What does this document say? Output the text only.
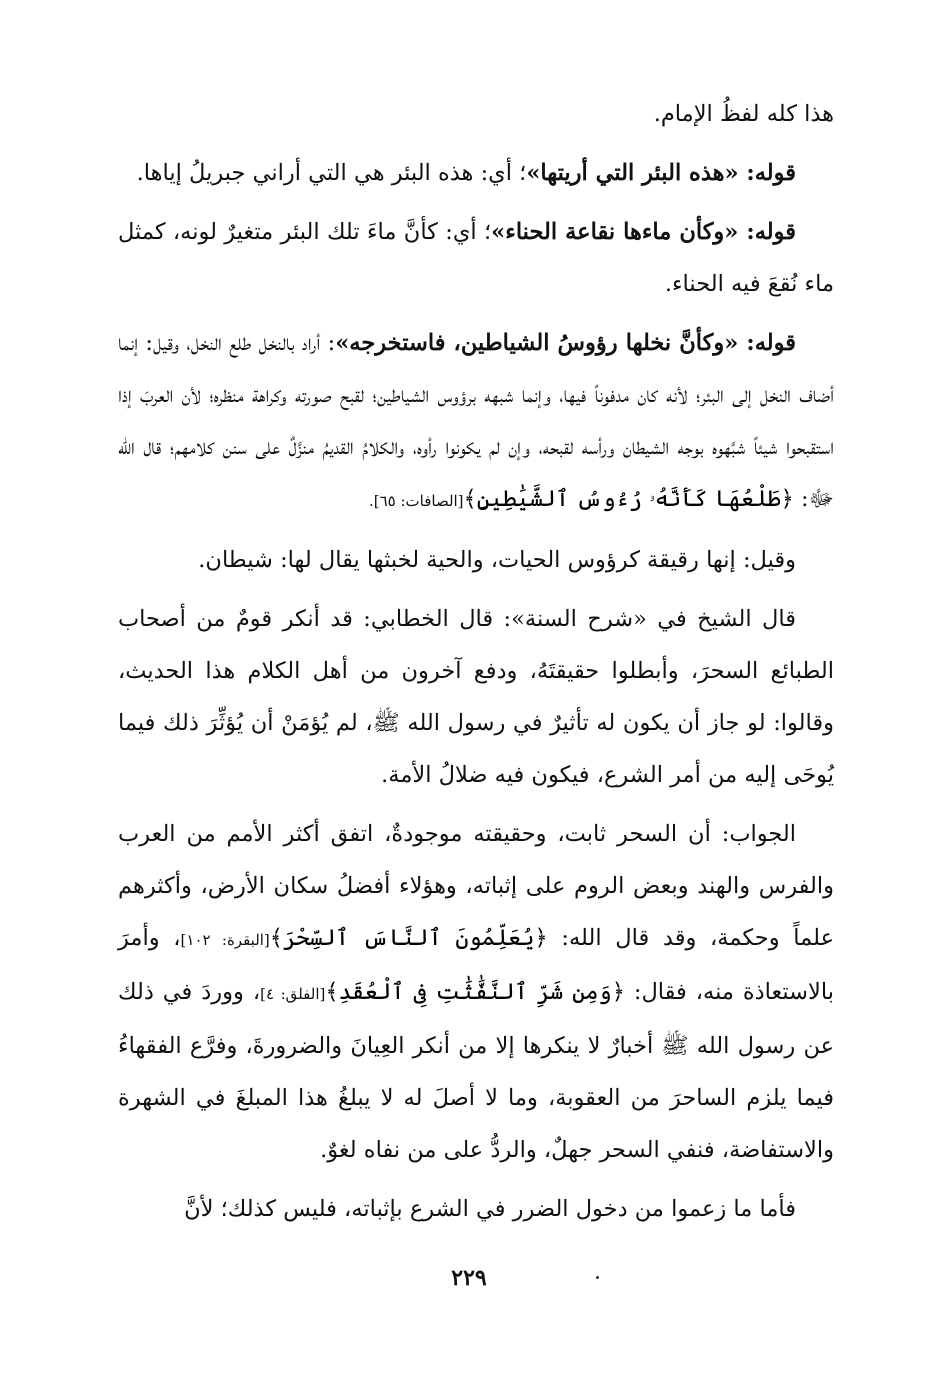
هذا كله لفظُ الإمام.

قوله: «هذه البئر التي أريتها»؛ أي: هذه البئر هي التي أراني جبريلُ إياها.

قوله: «وكأن ماءها نقاعة الحناء»؛ أي: كأنَّ ماءَ تلك البئر متغيرٌ لونه، كمثل ماء نُقعَ فيه الحناء.

قوله: «وكأنَّ نخلها رؤوسُ الشياطين، فاستخرجه»: أراد بالنخل طلع النخل، وقيل: إنما أضاف النخل إلى البئر؛ لأنه كان مدفوناً فيها، وإنما شبهه برؤوس الشياطين؛ لقبح صورته وكراهة منظره؛ لأن العربَ إذا استقبحوا شيئاً شبَّهوه بوجه الشيطان ورأسه لقبحه، وإن لم يكونوا رأوه، والكلامُ القديمُ منزَّلٌ على سنن كلامهم؛ قال الله ﷻ: ﴿طَلْعُهَا كَأَنَّهُۥ رُءُوسُ ٱلشَّيَٰطِينِ﴾[الصافات: ٦٥].

وقيل: إنها رقيقة كرؤوس الحيات، والحية لخبثها يقال لها: شيطان.

قال الشيخ في «شرح السنة»: قال الخطابي: قد أنكر قومٌ من أصحاب الطبائع السحرَ، وأبطلوا حقيقتَهُ، ودفع آخرون من أهل الكلام هذا الحديث، وقالوا: لو جاز أن يكون له تأثيرٌ في رسول الله ﷺ، لم يُؤمَنْ أن يُؤثِّرَ ذلك فيما يُوحَى إليه من أمر الشرع، فيكون فيه ضلالُ الأمة.

الجواب: أن السحر ثابت، وحقيقته موجودةٌ، اتفق أكثر الأمم من العرب والفرس والهند وبعض الروم على إثباته، وهؤلاء أفضلُ سكان الأرض، وأكثرهم علماً وحكمة، وقد قال الله: ﴿يُعَلِّمُونَ ٱلنَّاسَ ٱلسِّحْرَ﴾[البقرة: ١٠٢]، وأمرَ بالاستعاذة منه، فقال: ﴿وَمِن شَرِّ ٱلنَّفَّٰثَٰتِ فِى ٱلْعُقَدِ﴾[الفلق: ٤]، ووردَ في ذلك عن رسول الله ﷺ أخبارٌ لا ينكرها إلا من أنكر العِيانَ والضرورةَ، وفرَّع الفقهاءُ فيما يلزم الساحرَ من العقوبة، وما لا أصلَ له لا يبلغُ هذا المبلغَ في الشهرة والاستفاضة، فنفي السحر جهلٌ، والردُّ على من نفاه لغوٌ.

فأما ما زعموا من دخول الضرر في الشرع بإثباته، فليس كذلك؛ لأنَّ

٢٢٩
